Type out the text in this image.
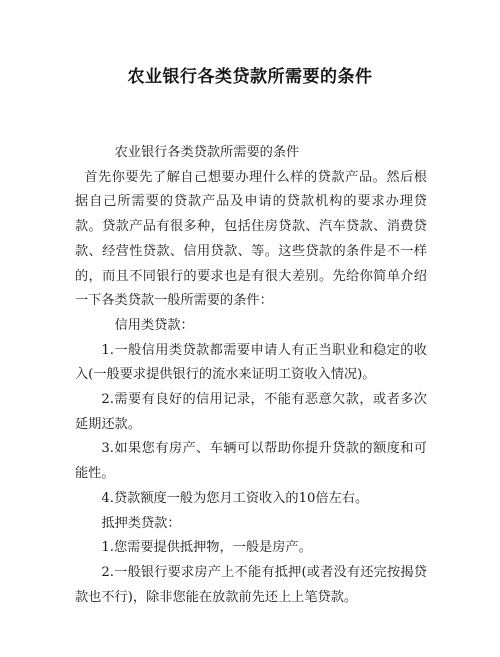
农业银行各类贷款所需要的条件

农业银行各类贷款所需要的条件

首先你要先了解自己想要办理什么样的贷款产品。然后根据自己所需要的贷款产品及申请的贷款机构的要求办理贷款。贷款产品有很多种，包括住房贷款、汽车贷款、消费贷款、经营性贷款、信用贷款、等。这些贷款的条件是不一样的，而且不同银行的要求也是有很大差别。先给你简单介绍一下各类贷款一般所需要的条件：

信用类贷款：

1.一般信用类贷款都需要申请人有正当职业和稳定的收入(一般要求提供银行的流水来证明工资收入情况)。

2.需要有良好的信用记录，不能有恶意欠款，或者多次延期还款。

3.如果您有房产、车辆可以帮助你提升贷款的额度和可能性。

4.贷款额度一般为您月工资收入的10倍左右。

抵押类贷款：

1.您需要提供抵押物，一般是房产。

2.一般银行要求房产上不能有抵押(或者没有还完按揭贷款也不行)，除非您能在放款前先还上上笔贷款。
